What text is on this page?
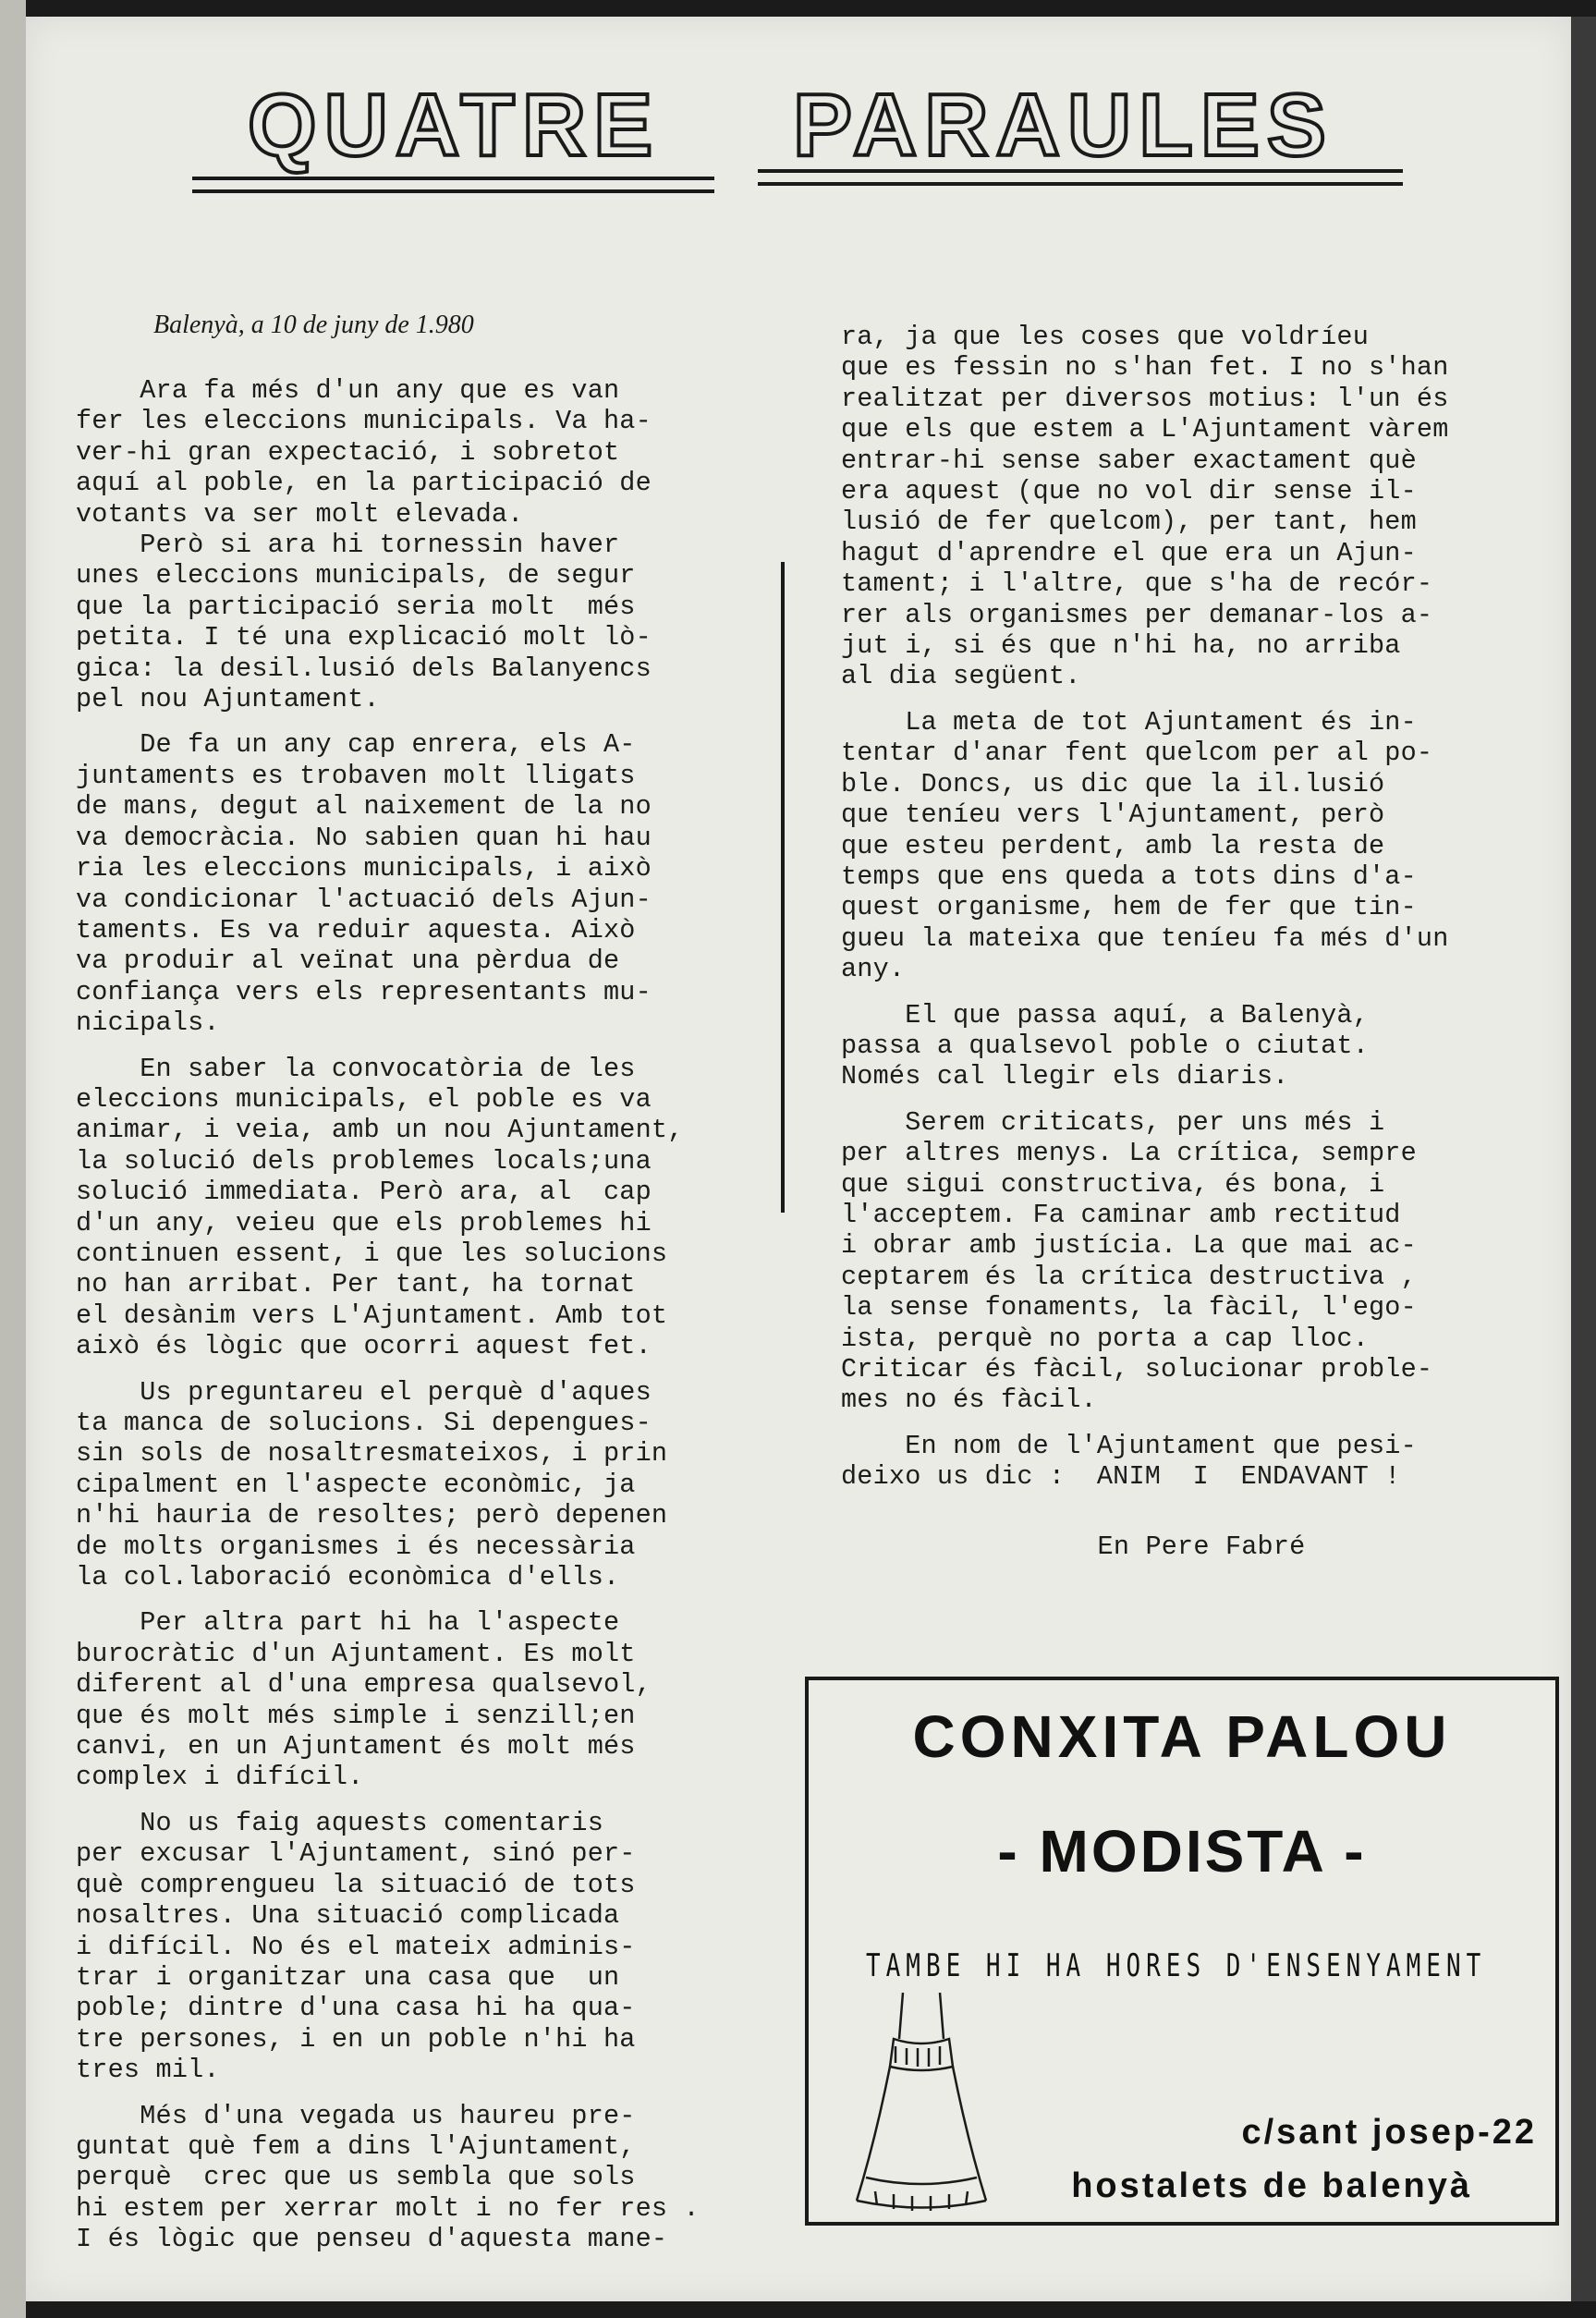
QUATRE PARAULES
Balenyà, a 10 de juny de 1.980

Ara fa més d'un any que es van
fer les eleccions municipals. Va ha-
ver-hi gran expectació, i sobretot
aquí al poble, en la participació de
votants va ser molt elevada.
Però si ara hi tornessin haver
unes eleccions municipals, de segur
que la participació seria molt  més
petita. I té una explicació molt lò-
gica: la desil.lusió dels Balanyencs
pel nou Ajuntament.

De fa un any cap enrera, els A-
juntaments es trobaven molt lligats
de mans, degut al naixement de la no
va democràcia. No sabien quan hi hau
ria les eleccions municipals, i això
va condicionar l'actuació dels Ajun-
taments. Es va reduir aquesta. Això
va produir al veïnat una pèrdua de
confiança vers els representants mu-
nicipals.

En saber la convocatòria de les
eleccions municipals, el poble es va
animar, i veia, amb un nou Ajuntament,
la solució dels problemes locals;una
solució immediata. Però ara, al  cap
d'un any, veieu que els problemes hi
continuen essent, i que les solucions
no han arribat. Per tant, ha tornat
el desànim vers L'Ajuntament. Amb tot
això és lògic que ocorri aquest fet.

Us preguntareu el perquè d'aques
ta manca de solucions. Si depengues-
sin sols de nosaltresmateixos, i prin
cipalment en l'aspecte econòmic, ja
n'hi hauria de resoltes; però depenen
de molts organismes i és necessària
la col.laboració econòmica d'ells.

Per altra part hi ha l'aspecte
burocràtic d'un Ajuntament. Es molt
diferent al d'una empresa qualsevol,
que és molt més simple i senzill;en
canvi, en un Ajuntament és molt més
complex i difícil.

No us faig aquests comentaris
per excusar l'Ajuntament, sinó per-
què comprengueu la situació de tots
nosaltres. Una situació complicada
i difícil. No és el mateix adminis-
trar i organitzar una casa que  un
poble; dintre d'una casa hi ha qua-
tre persones, i en un poble n'hi ha
tres mil.

Més d'una vegada us haureu pre-
guntat què fem a dins l'Ajuntament,
perquè  crec que us sembla que sols
hi estem per xerrar molt i no fer res .
I és lògic que penseu d'aquesta mane-

ra, ja que les coses que voldríeu
que es fessin no s'han fet. I no s'han
realitzat per diversos motius: l'un és
que els que estem a L'Ajuntament vàrem
entrar-hi sense saber exactament què
era aquest (que no vol dir sense il-
lusió de fer quelcom), per tant, hem
hagut d'aprendre el que era un Ajun-
tament; i l'altre, que s'ha de recór-
rer als organismes per demanar-los a-
jut i, si és que n'hi ha, no arriba
al dia següent.

La meta de tot Ajuntament és in-
tentar d'anar fent quelcom per al po-
ble. Doncs, us dic que la il.lusió
que teníeu vers l'Ajuntament, però
que esteu perdent, amb la resta de
temps que ens queda a tots dins d'a-
quest organisme, hem de fer que tin-
gueu la mateixa que teníeu fa més d'un
any.

El que passa aquí, a Balenyà,
passa a qualsevol poble o ciutat.
Només cal llegir els diaris.

Serem criticats, per uns més i
per altres menys. La crítica, sempre
que sigui constructiva, és bona, i
l'acceptem. Fa caminar amb rectitud
i obrar amb justícia. La que mai ac-
ceptarem és la crítica destructiva ,
la sense fonaments, la fàcil, l'ego-
ista, perquè no porta a cap lloc.
Criticar és fàcil, solucionar proble-
mes no és fàcil.

En nom de l'Ajuntament que pesi-
deixo us dic :  ANIM  I  ENDAVANT !

En Pere Fabré
CONXITA PALOU
- MODISTA -
TAMBE HI HA HORES D'ENSENYAMENT
c/sant josep-22
hostalets de balenyà
